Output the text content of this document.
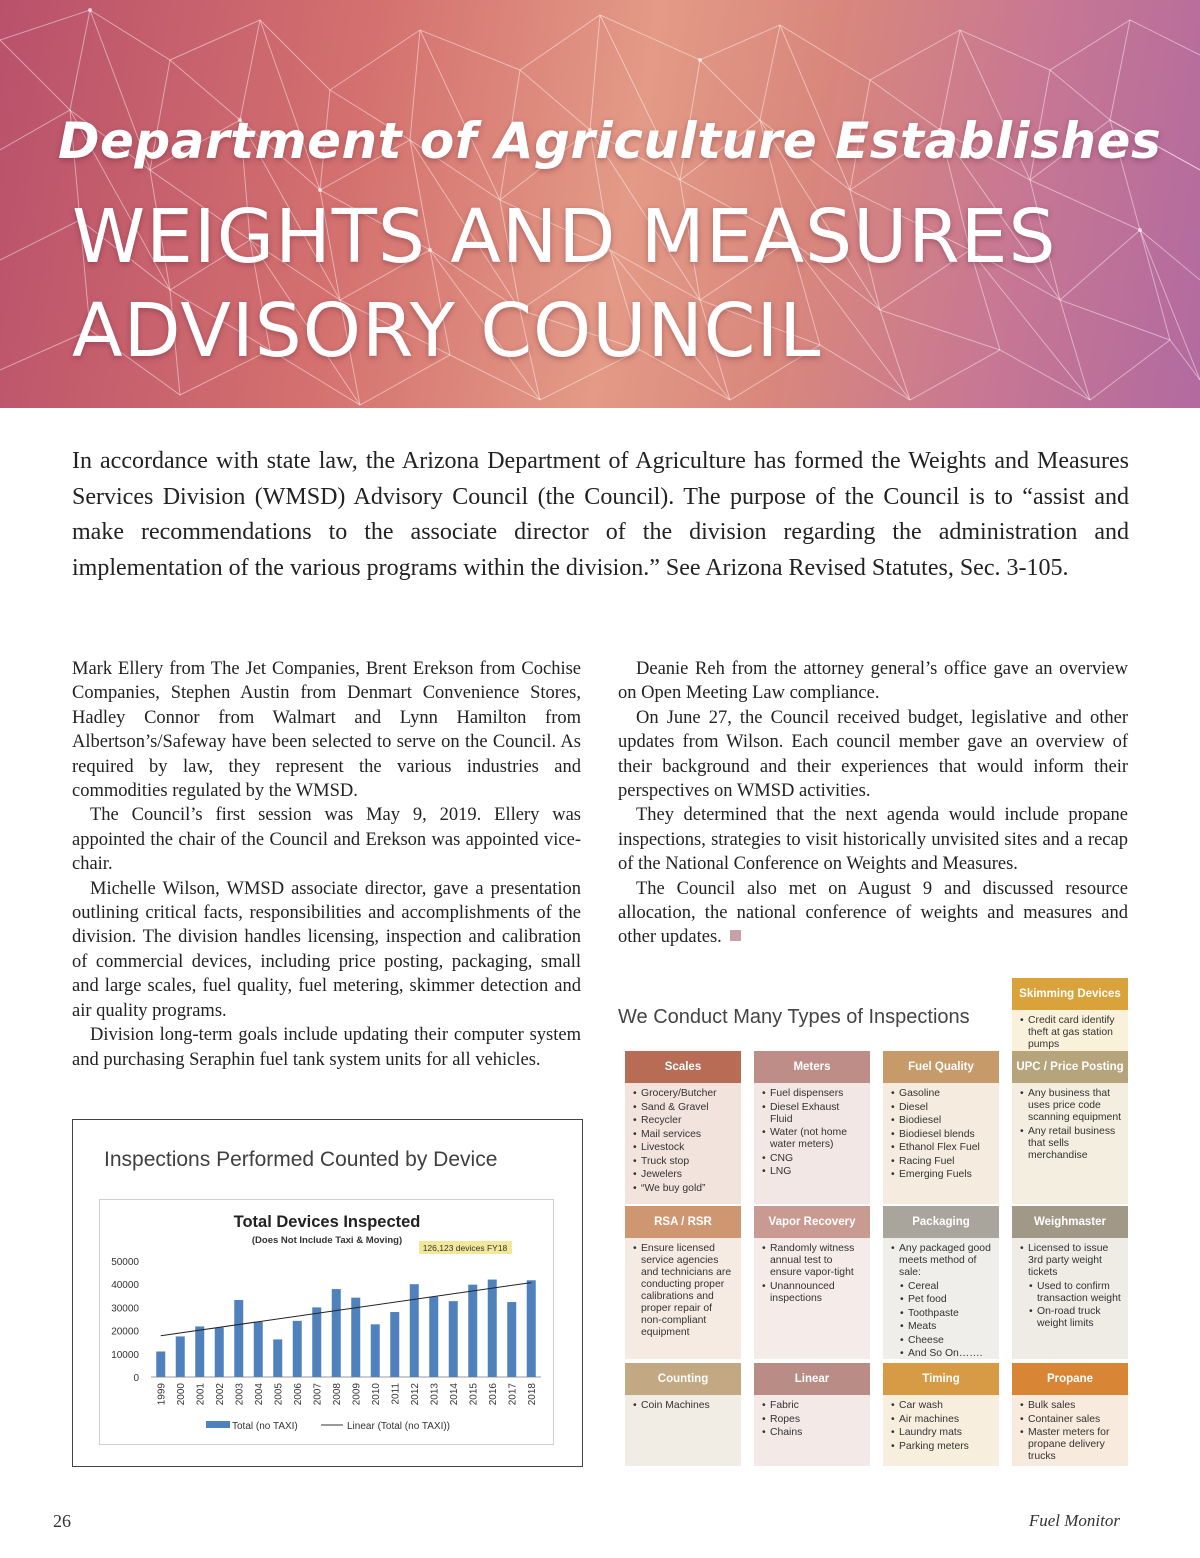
Department of Agriculture Establishes
WEIGHTS AND MEASURES
ADVISORY COUNCIL

In accordance with state law, the Arizona Department of Agriculture has formed the Weights and Measures Services Division (WMSD) Advisory Council (the Council). The purpose of the Council is to “assist and make recommendations to the associate director of the division regarding the administration and implementation of the various programs within the division.” See Arizona Revised Statutes, Sec. 3-105.

Mark Ellery from The Jet Companies, Brent Erekson from Cochise Companies, Stephen Austin from Denmart Convenience Stores, Hadley Connor from Walmart and Lynn Hamilton from Albertson’s/Safeway have been selected to serve on the Council. As required by law, they represent the various industries and commodities regulated by the WMSD.

The Council’s first session was May 9, 2019. Ellery was appointed the chair of the Council and Erekson was appointed vice-chair.

Michelle Wilson, WMSD associate director, gave a presentation outlining critical facts, responsibilities and accomplishments of the division. The division handles licensing, inspection and calibration of commercial devices, including price posting, packaging, small and large scales, fuel quality, fuel metering, skimmer detection and air quality programs.

Division long-term goals include updating their computer system and purchasing Seraphin fuel tank system units for all vehicles.

Deanie Reh from the attorney general’s office gave an overview on Open Meeting Law compliance.

On June 27, the Council received budget, legislative and other updates from Wilson. Each council member gave an overview of their background and their experiences that would inform their perspectives on WMSD activities.

They determined that the next agenda would include propane inspections, strategies to visit historically unvisited sites and a recap of the National Conference on Weights and Measures.

The Council also met on August 9 and discussed resource allocation, the national conference of weights and measures and other updates.

Inspections Performed Counted by Device
Total Devices Inspected
(Does Not Include Taxi & Moving)
126,123 devices FY18
0
10000
20000
30000
40000
50000
1999 2000 2001 2002 2003 2004 2005 2006 2007 2008 2009 2010 2011 2012 2013 2014 2015 2016 2017 2018
Total (no TAXI)	Linear (Total (no TAXI))
We Conduct Many Types of Inspections
Scales
• Grocery/Butcher
• Sand & Gravel
• Recycler
• Mail services
• Livestock
• Truck stop
• Jewelers
• “We buy gold”
Meters
• Fuel dispensers
• Diesel Exhaust Fluid
• Water (not home water meters)
• CNG
• LNG
Fuel Quality
• Gasoline
• Diesel
• Biodiesel
• Biodiesel blends
• Ethanol Flex Fuel
• Racing Fuel
• Emerging Fuels
Skimming Devices
• Credit card identify theft at gas station pumps
UPC / Price Posting
• Any business that uses price code scanning equipment
• Any retail business that sells merchandise
RSA / RSR
• Ensure licensed service agencies and technicians are conducting proper calibrations and proper repair of non-compliant equipment
Vapor Recovery
• Randomly witness annual test to ensure vapor-tight
• Unannounced inspections
Packaging
• Any packaged good meets method of sale:
• Cereal
• Pet food
• Toothpaste
• Meats
• Cheese
• And So On…….
Weighmaster
• Licensed to issue 3rd party weight tickets
• Used to confirm transaction weight
• On-road truck weight limits
Counting
• Coin Machines
Linear
• Fabric
• Ropes
• Chains
Timing
• Car wash
• Air machines
• Laundry mats
• Parking meters
Propane
• Bulk sales
• Container sales
• Master meters for propane delivery trucks
26	Fuel Monitor
